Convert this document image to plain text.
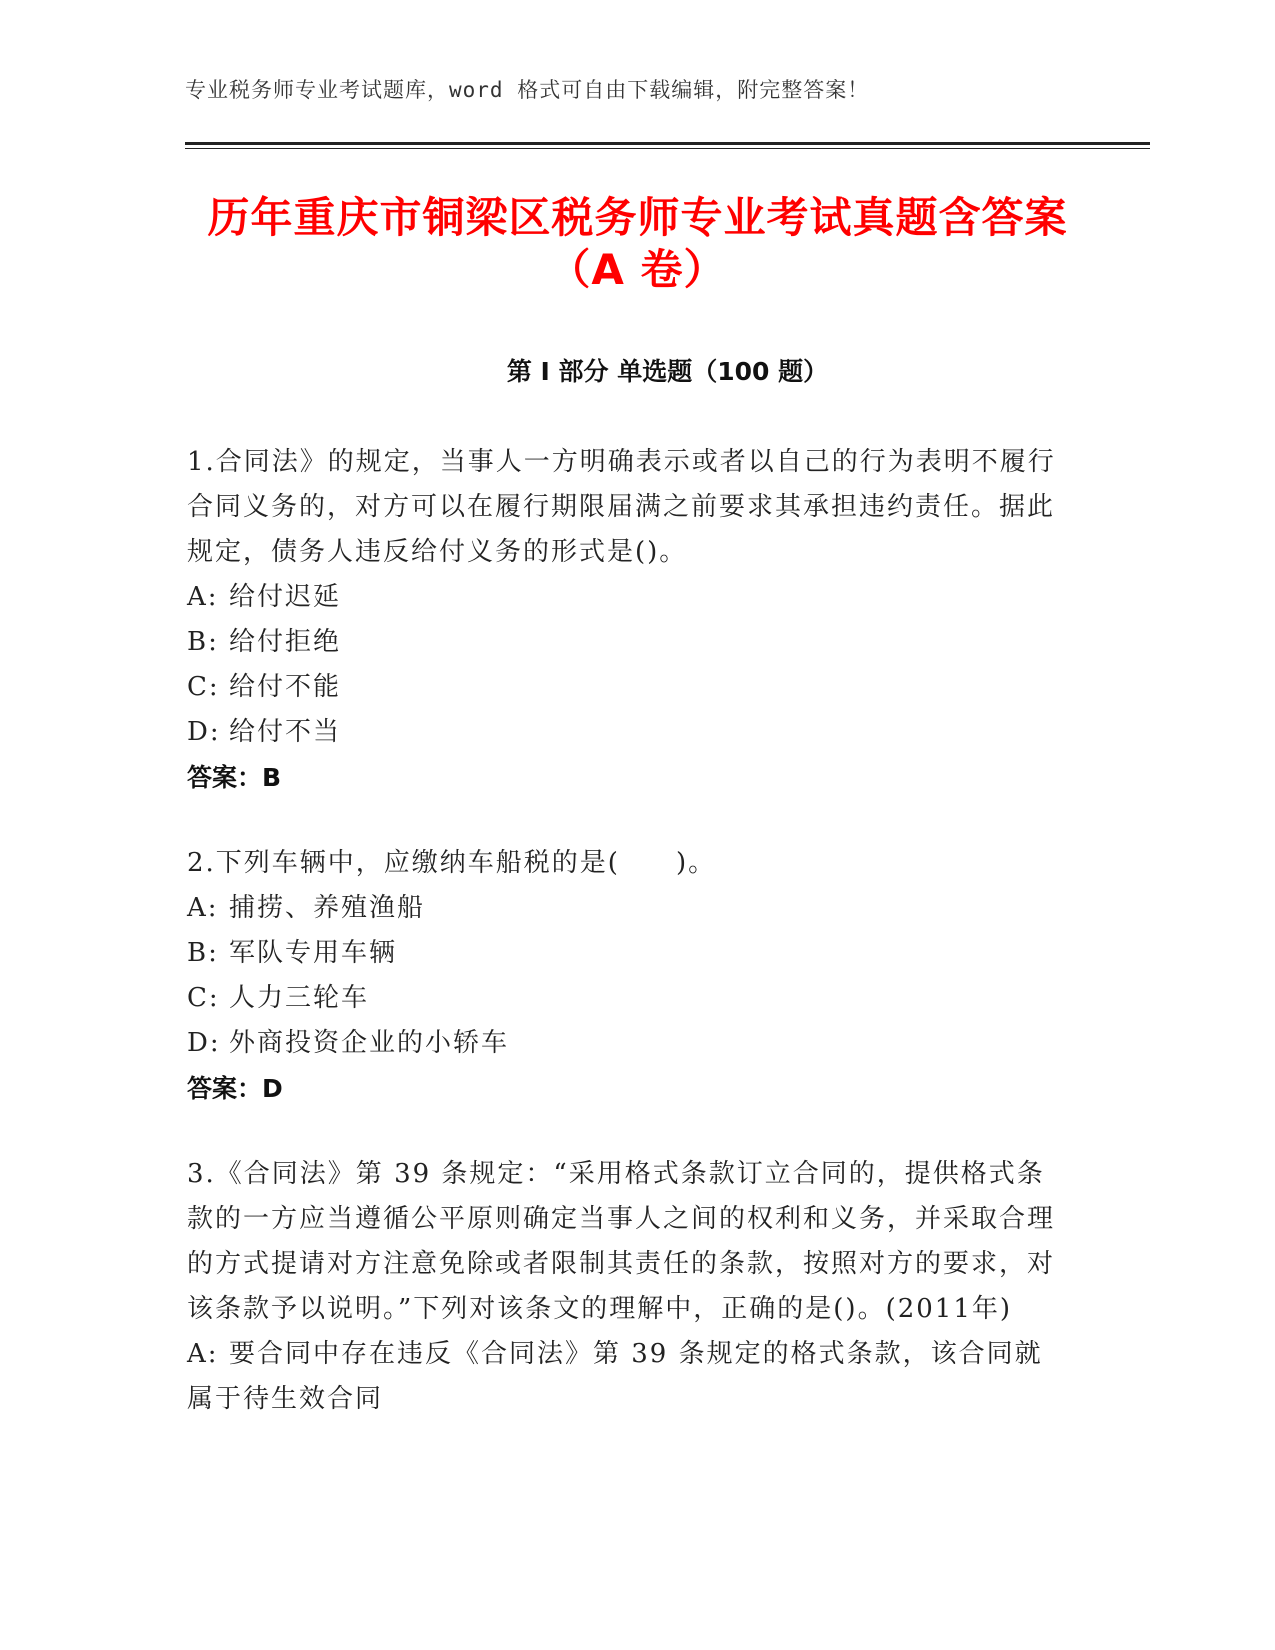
专业税务师专业考试题库，word 格式可自由下载编辑，附完整答案！
历年重庆市铜梁区税务师专业考试真题含答案（A 卷）
第 I 部分 单选题（100 题）
1.合同法》的规定，当事人一方明确表示或者以自己的行为表明不履行合同义务的，对方可以在履行期限届满之前要求其承担违约责任。据此规定，债务人违反给付义务的形式是()。
A: 给付迟延
B: 给付拒绝
C: 给付不能
D: 给付不当
答案：B
2.下列车辆中，应缴纳车船税的是(　　)。
A: 捕捞、养殖渔船
B: 军队专用车辆
C: 人力三轮车
D: 外商投资企业的小轿车
答案：D
3.《合同法》第 39 条规定：“采用格式条款订立合同的，提供格式条款的一方应当遵循公平原则确定当事人之间的权利和义务，并采取合理的方式提请对方注意免除或者限制其责任的条款，按照对方的要求，对该条款予以说明。”下列对该条文的理解中，正确的是()。(2011年)
A: 要合同中存在违反《合同法》第 39 条规定的格式条款，该合同就属于待生效合同
